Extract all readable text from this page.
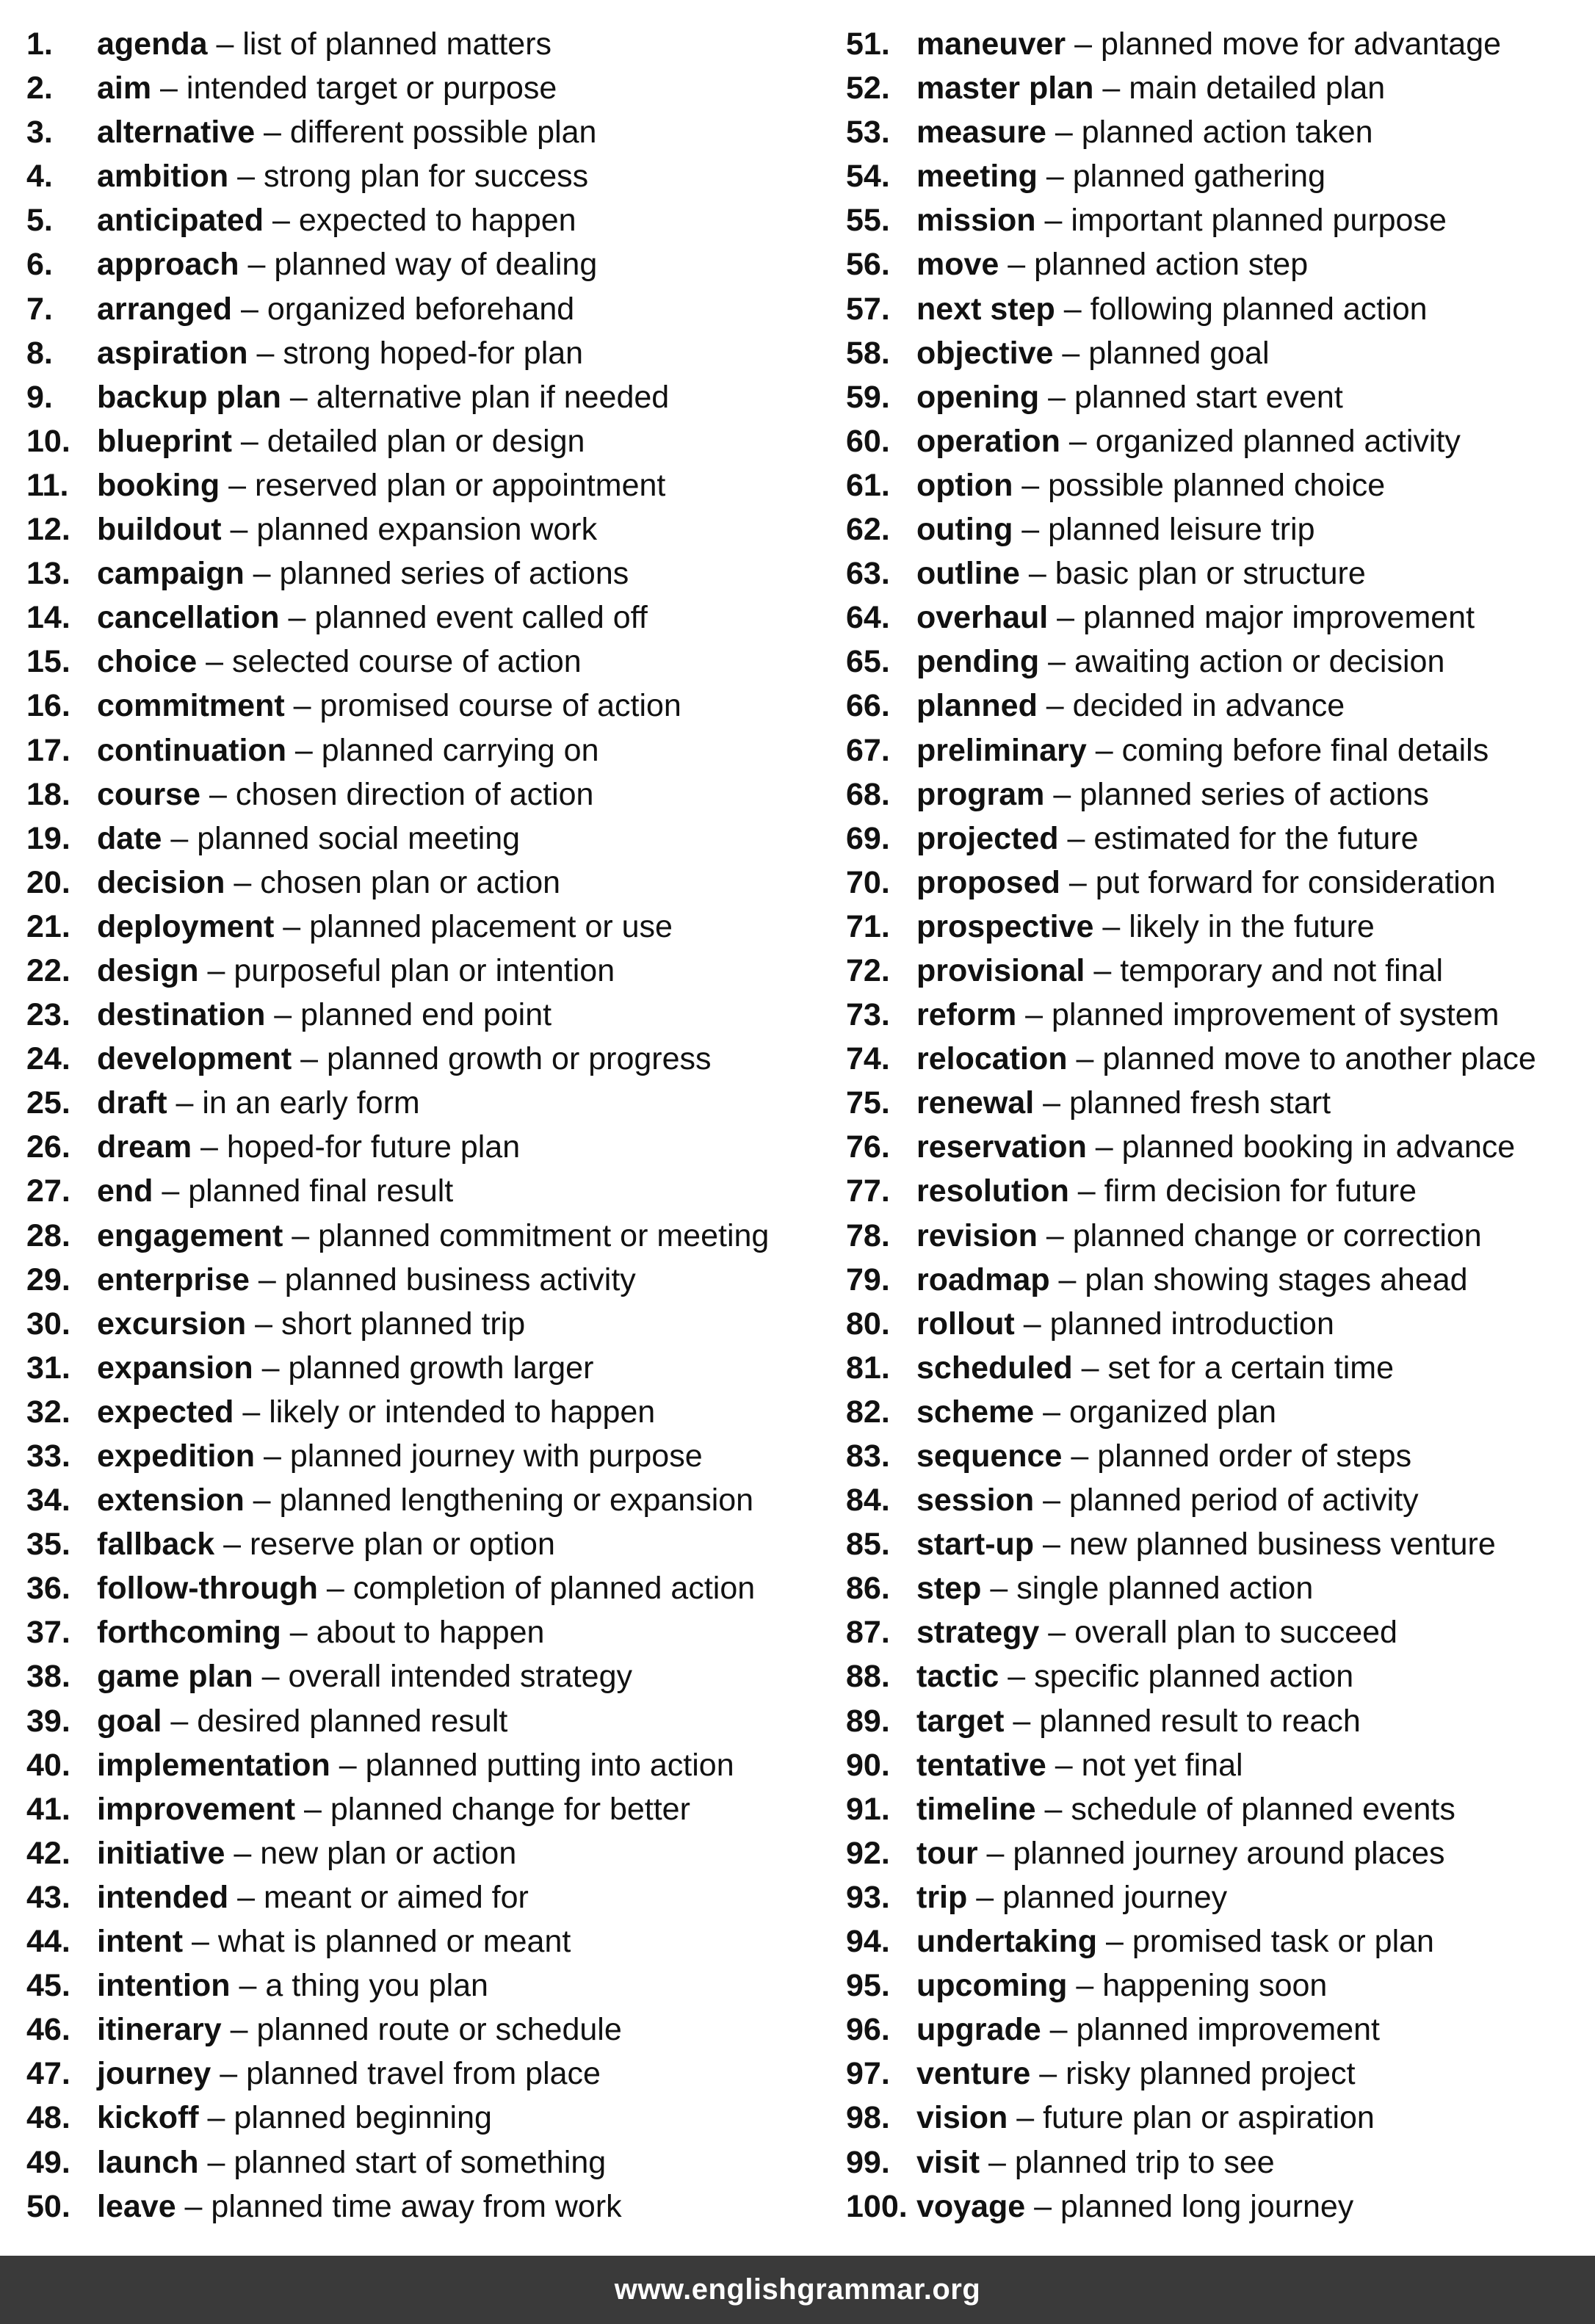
1.	agenda – list of planned matters
2.	aim – intended target or purpose
3.	alternative – different possible plan
4.	ambition – strong plan for success
5.	anticipated – expected to happen
6.	approach – planned way of dealing
7.	arranged – organized beforehand
8.	aspiration – strong hoped-for plan
9.	backup plan – alternative plan if needed
10. blueprint – detailed plan or design
11. booking – reserved plan or appointment
12. buildout – planned expansion work
13. campaign – planned series of actions
14. cancellation – planned event called off
15. choice – selected course of action
16. commitment – promised course of action
17. continuation – planned carrying on
18. course – chosen direction of action
19. date – planned social meeting
20. decision – chosen plan or action
21. deployment – planned placement or use
22. design – purposeful plan or intention
23. destination – planned end point
24. development – planned growth or progress
25. draft – in an early form
26. dream – hoped-for future plan
27. end – planned final result
28. engagement – planned commitment or meeting
29. enterprise – planned business activity
30. excursion – short planned trip
31. expansion – planned growth larger
32. expected – likely or intended to happen
33. expedition – planned journey with purpose
34. extension – planned lengthening or expansion
35. fallback – reserve plan or option
36. follow-through – completion of planned action
37. forthcoming – about to happen
38. game plan – overall intended strategy
39. goal – desired planned result
40. implementation – planned putting into action
41. improvement – planned change for better
42. initiative – new plan or action
43. intended – meant or aimed for
44. intent – what is planned or meant
45. intention – a thing you plan
46. itinerary – planned route or schedule
47. journey – planned travel from place
48. kickoff – planned beginning
49. launch – planned start of something
50. leave – planned time away from work
51. maneuver – planned move for advantage
52. master plan – main detailed plan
53. measure – planned action taken
54. meeting – planned gathering
55. mission – important planned purpose
56. move – planned action step
57. next step – following planned action
58. objective – planned goal
59. opening – planned start event
60. operation – organized planned activity
61. option – possible planned choice
62. outing – planned leisure trip
63. outline – basic plan or structure
64. overhaul – planned major improvement
65. pending – awaiting action or decision
66. planned – decided in advance
67. preliminary – coming before final details
68. program – planned series of actions
69. projected – estimated for the future
70. proposed – put forward for consideration
71. prospective – likely in the future
72. provisional – temporary and not final
73. reform – planned improvement of system
74. relocation – planned move to another place
75. renewal – planned fresh start
76. reservation – planned booking in advance
77. resolution – firm decision for future
78. revision – planned change or correction
79. roadmap – plan showing stages ahead
80. rollout – planned introduction
81. scheduled – set for a certain time
82. scheme – organized plan
83. sequence – planned order of steps
84. session – planned period of activity
85. start-up – new planned business venture
86. step – single planned action
87. strategy – overall plan to succeed
88. tactic – specific planned action
89. target – planned result to reach
90. tentative – not yet final
91. timeline – schedule of planned events
92. tour – planned journey around places
93. trip – planned journey
94. undertaking – promised task or plan
95. upcoming – happening soon
96. upgrade – planned improvement
97. venture – risky planned project
98. vision – future plan or aspiration
99. visit – planned trip to see
100. voyage – planned long journey
www.englishgrammar.org
